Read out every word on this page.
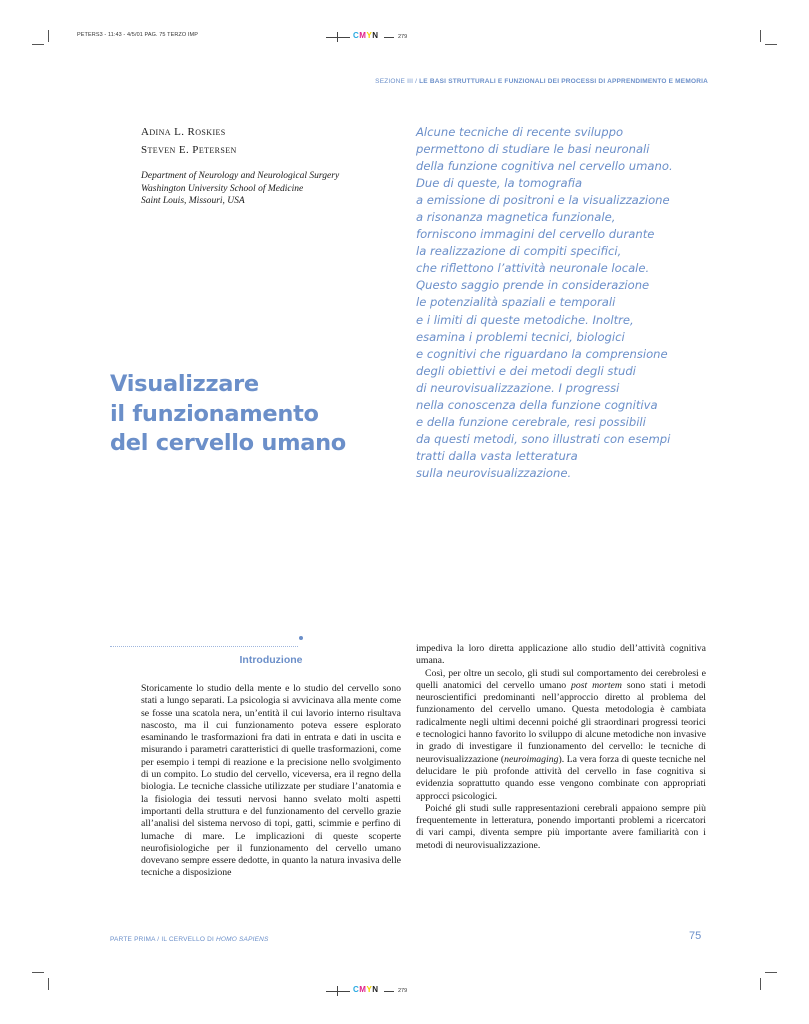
PETERS3 - 11:43 - 4/5/01 PAG. 75 TERZO IMP	CMYN	279
SEZIONE III / LE BASI STRUTTURALI E FUNZIONALI DEI PROCESSI DI APPRENDIMENTO E MEMORIA
Adina L. Roskies
Steven E. Petersen
Department of Neurology and Neurological Surgery
Washington University School of Medicine
Saint Louis, Missouri, USA
Visualizzare
il funzionamento
del cervello umano
Alcune tecniche di recente sviluppo
permettono di studiare le basi neuronali
della funzione cognitiva nel cervello umano.
Due di queste, la tomografia
a emissione di positroni e la visualizzazione
a risonanza magnetica funzionale,
forniscono immagini del cervello durante
la realizzazione di compiti specifici,
che riflettono l’attività neuronale locale.
Questo saggio prende in considerazione
le potenzialità spaziali e temporali
e i limiti di queste metodiche. Inoltre,
esamina i problemi tecnici, biologici
e cognitivi che riguardano la comprensione
degli obiettivi e dei metodi degli studi
di neurovisualizzazione. I progressi
nella conoscenza della funzione cognitiva
e della funzione cerebrale, resi possibili
da questi metodi, sono illustrati con esempi
tratti dalla vasta letteratura
sulla neurovisualizzazione.
Introduzione

Storicamente lo studio della mente e lo studio del cervello sono stati a lungo separati. La psicologia si avvicinava alla mente come se fosse una scatola nera, un’entità il cui lavorio interno risultava nascosto, ma il cui funzionamento poteva essere esplorato esaminando le trasformazioni fra dati in entrata e dati in uscita e misurando i parametri caratteristici di quelle trasformazioni, come per esempio i tempi di reazione e la precisione nello svolgimento di un compito. Lo studio del cervello, viceversa, era il regno della biologia. Le tecniche classiche utilizzate per studiare l’anatomia e la fisiologia dei tessuti nervosi hanno svelato molti aspetti importanti della struttura e del funzionamento del cervello grazie all’analisi del sistema nervoso di topi, gatti, scimmie e perfino di lumache di mare. Le implicazioni di queste scoperte neurofisiologiche per il funzionamento del cervello umano dovevano sempre essere dedotte, in quanto la natura invasiva delle tecniche a disposizione

impediva la loro diretta applicazione allo studio dell’attività cognitiva umana.

Così, per oltre un secolo, gli studi sul comportamento dei cerebrolesi e quelli anatomici del cervello umano post mortem sono stati i metodi neuroscientifici predominanti nell’approccio diretto al problema del funzionamento del cervello umano. Questa metodologia è cambiata radicalmente negli ultimi decenni poiché gli straordinari progressi teorici e tecnologici hanno favorito lo sviluppo di alcune metodiche non invasive in grado di investigare il funzionamento del cervello: le tecniche di neurovisualizzazione (neuroimaging). La vera forza di queste tecniche nel delucidare le più profonde attività del cervello in fase cognitiva si evidenzia soprattutto quando esse vengono combinate con appropriati approcci psicologici.

Poiché gli studi sulle rappresentazioni cerebrali appaiono sempre più frequentemente in letteratura, ponendo importanti problemi a ricercatori di vari campi, diventa sempre più importante avere familiarità con i metodi di neurovisualizzazione.

PARTE PRIMA / IL CERVELLO DI HOMO SAPIENS	75
CMYN	279
